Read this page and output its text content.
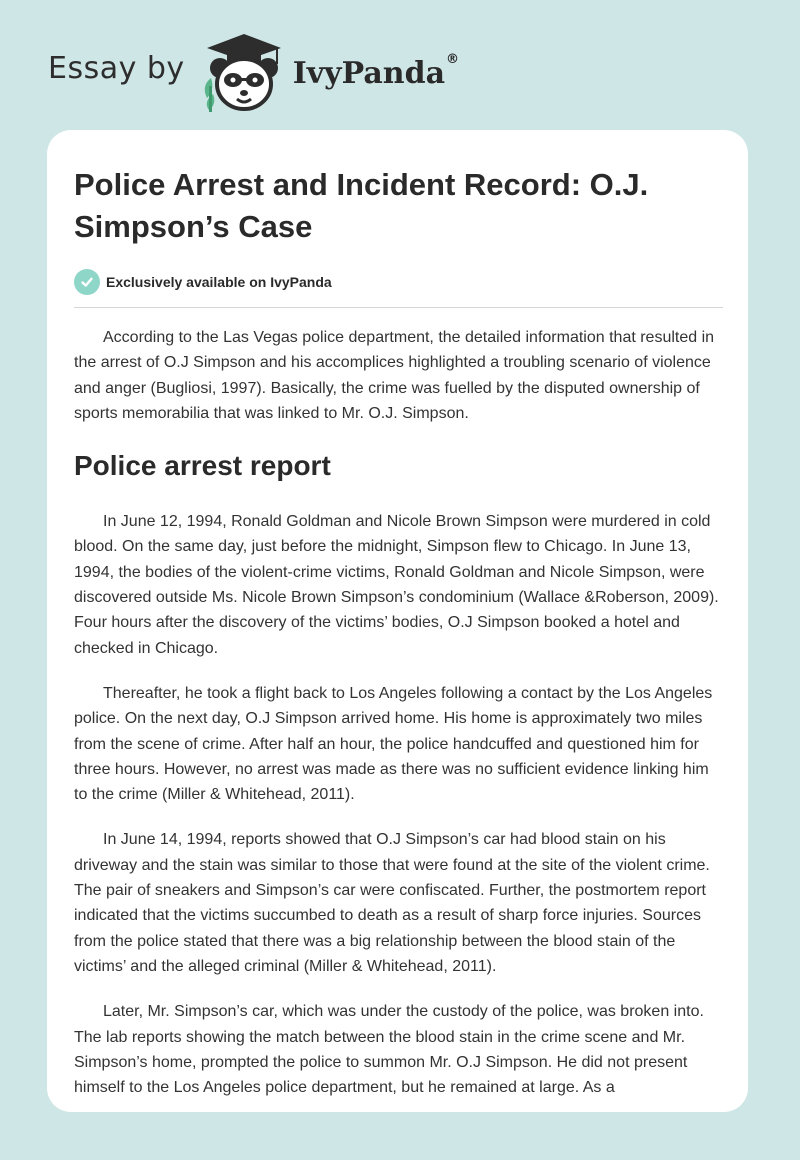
Essay by	IvyPanda®
Police Arrest and Incident Record: O.J. Simpson’s Case
Exclusively available on IvyPanda

According to the Las Vegas police department, the detailed information that resulted in the arrest of O.J Simpson and his accomplices highlighted a troubling scenario of violence and anger (Bugliosi, 1997). Basically, the crime was fuelled by the disputed ownership of sports memorabilia that was linked to Mr. O.J. Simpson.

Police arrest report

In June 12, 1994, Ronald Goldman and Nicole Brown Simpson were murdered in cold blood. On the same day, just before the midnight, Simpson flew to Chicago. In June 13, 1994, the bodies of the violent-crime victims, Ronald Goldman and Nicole Simpson, were discovered outside Ms. Nicole Brown Simpson’s condominium (Wallace &Roberson, 2009). Four hours after the discovery of the victims’ bodies, O.J Simpson booked a hotel and checked in Chicago.

Thereafter, he took a flight back to Los Angeles following a contact by the Los Angeles police. On the next day, O.J Simpson arrived home. His home is approximately two miles from the scene of crime. After half an hour, the police handcuffed and questioned him for three hours. However, no arrest was made as there was no sufficient evidence linking him to the crime (Miller & Whitehead, 2011).

In June 14, 1994, reports showed that O.J Simpson’s car had blood stain on his driveway and the stain was similar to those that were found at the site of the violent crime. The pair of sneakers and Simpson’s car were confiscated. Further, the postmortem report indicated that the victims succumbed to death as a result of sharp force injuries. Sources from the police stated that there was a big relationship between the blood stain of the victims’ and the alleged criminal (Miller & Whitehead, 2011).

Later, Mr. Simpson’s car, which was under the custody of the police, was broken into. The lab reports showing the match between the blood stain in the crime scene and Mr. Simpson’s home, prompted the police to summon Mr. O.J Simpson. He did not present himself to the Los Angeles police department, but he remained at large. As a
